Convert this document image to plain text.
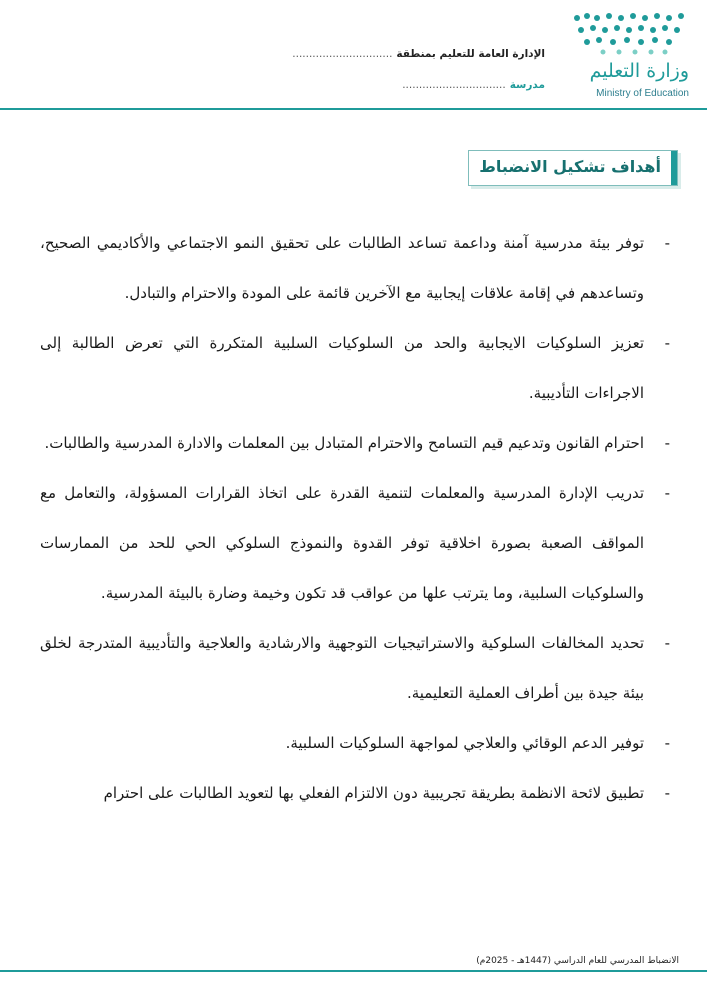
وزارة التعليم
Ministry of Education
الإدارة العامة للتعليم بمنطقة..............................
مدرسة...............................
أهداف تشكيل الانضباط
-
توفر بيئة مدرسية آمنة وداعمة تساعد الطالبات على تحقيق النمو الاجتماعي والأكاديمي الصحيح، وتساعدهم في إقامة علاقات إيجابية مع الآخرين قائمة على المودة والاحترام والتبادل.
-
تعزيز السلوكيات الايجابية والحد من السلوكيات السلبية المتكررة التي تعرض الطالبة إلى الاجراءات التأديبية.
-
احترام القانون وتدعيم قيم التسامح والاحترام المتبادل بين المعلمات والادارة المدرسية والطالبات.
-
تدريب الإدارة المدرسية والمعلمات لتنمية القدرة على اتخاذ القرارات المسؤولة، والتعامل مع المواقف الصعبة بصورة اخلاقية توفر القدوة والنموذج السلوكي الحي للحد من الممارسات والسلوكيات السلبية، وما يترتب علها من عواقب قد تكون وخيمة وضارة بالبيئة المدرسية.
-
تحديد المخالفات السلوكية والاستراتيجيات التوجهية والارشادية والعلاجية والتأديبية المتدرجة لخلق بيئة جيدة بين أطراف العملية التعليمية.
-
توفير الدعم الوقائي والعلاجي لمواجهة السلوكيات السلبية.
-
تطبيق لائحة الانظمة بطريقة تجريبية دون الالتزام الفعلي بها لتعويد الطالبات على احترام
الانضباط المدرسي للعام الدراسي (1447هـ - 2025م)
